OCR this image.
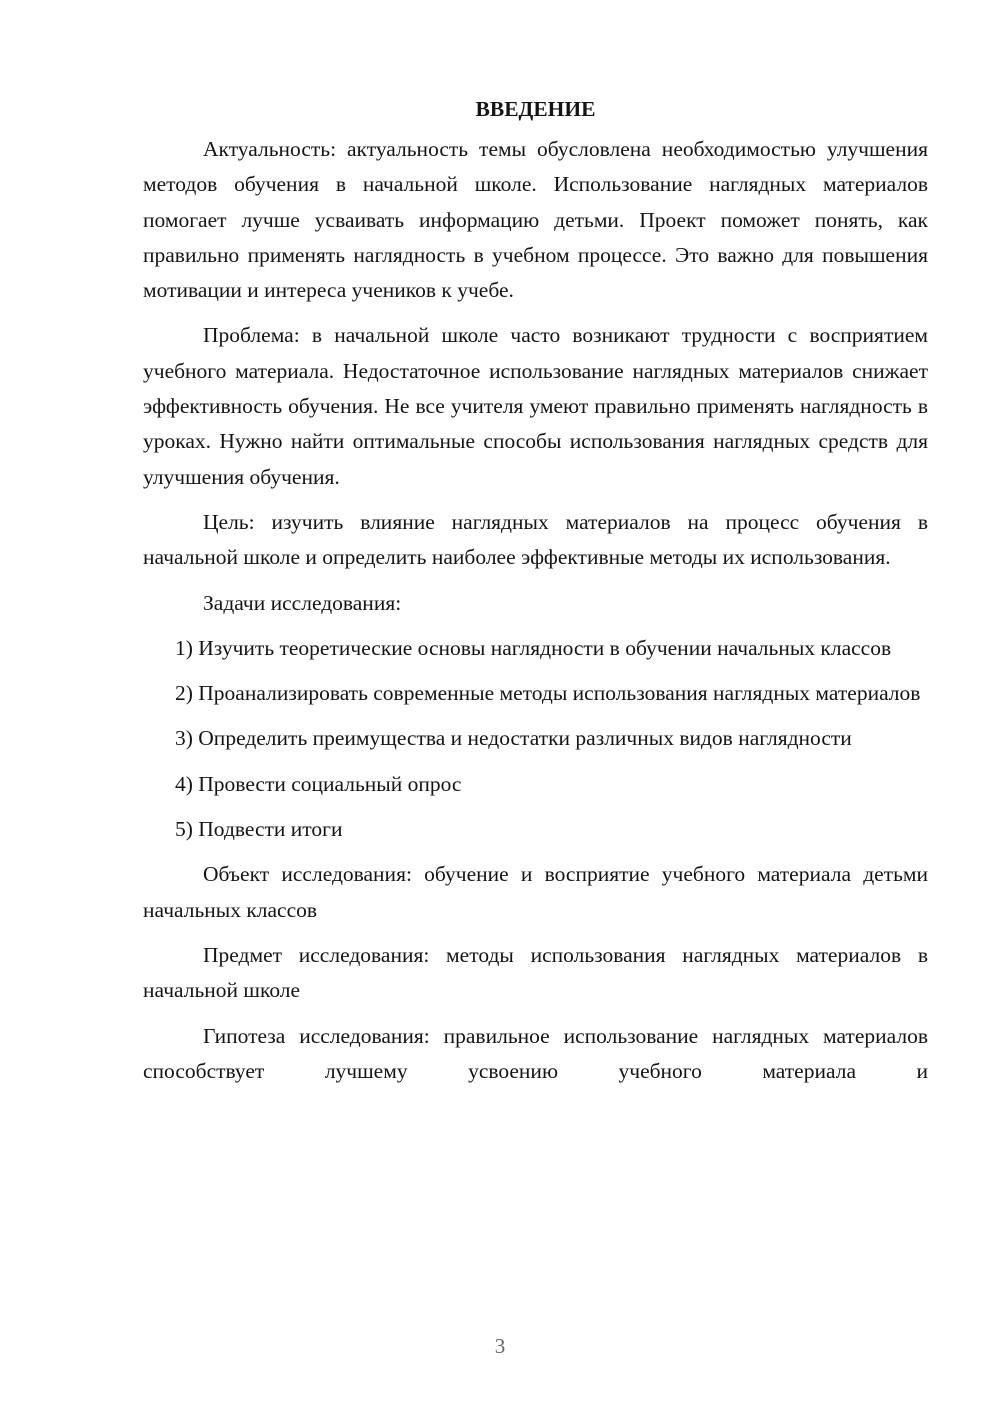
ВВЕДЕНИЕ

Актуальность: актуальность темы обусловлена необходимостью улучшения методов обучения в начальной школе. Использование наглядных материалов помогает лучше усваивать информацию детьми. Проект поможет понять, как правильно применять наглядность в учебном процессе. Это важно для повышения мотивации и интереса учеников к учебе.

Проблема: в начальной школе часто возникают трудности с восприятием учебного материала. Недостаточное использование наглядных материалов снижает эффективность обучения. Не все учителя умеют правильно применять наглядность в уроках. Нужно найти оптимальные способы использования наглядных средств для улучшения обучения.

Цель: изучить влияние наглядных материалов на процесс обучения в начальной школе и определить наиболее эффективные методы их использования.

Задачи исследования:

1) Изучить теоретические основы наглядности в обучении начальных классов

2) Проанализировать современные методы использования наглядных материалов

3) Определить преимущества и недостатки различных видов наглядности

4) Провести социальный опрос

5) Подвести итоги

Объект исследования: обучение и восприятие учебного материала детьми начальных классов

Предмет исследования: методы использования наглядных материалов в начальной школе

Гипотеза исследования: правильное использование наглядных материалов способствует лучшему усвоению учебного материала и

3
